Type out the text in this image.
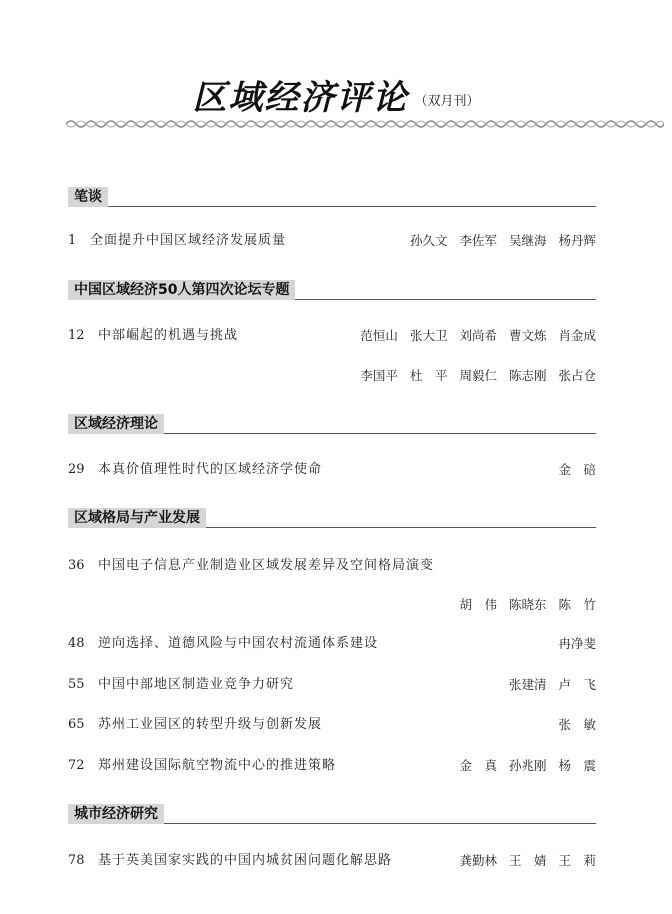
区域经济评论 $^{(双月刊)}$
笔谈
1 全面提升中国区域经济发展质量	孙久文 李佐军 吴继海 杨丹辉
中国区域经济50人第四次论坛专题
12 中部崛起的机遇与挑战	范恒山 张大卫 刘尚希 曹文炼 肖金成
李国平 杜　平 周毅仁 陈志刚 张占仓
区域经济理论
29 本真价值理性时代的区域经济学使命	金　碚
区域格局与产业发展
36 中国电子信息产业制造业区域发展差异及空间格局演变
胡　伟 陈晓东 陈　竹
48 逆向选择、道德风险与中国农村流通体系建设	冉净斐
55 中国中部地区制造业竞争力研究	张建清 卢　飞
65 苏州工业园区的转型升级与创新发展	张　敏
72 郑州建设国际航空物流中心的推进策略	金　真 孙兆刚 杨　震
城市经济研究
78 基于英美国家实践的中国内城贫困问题化解思路	龚勤林 王　婧 王　莉
